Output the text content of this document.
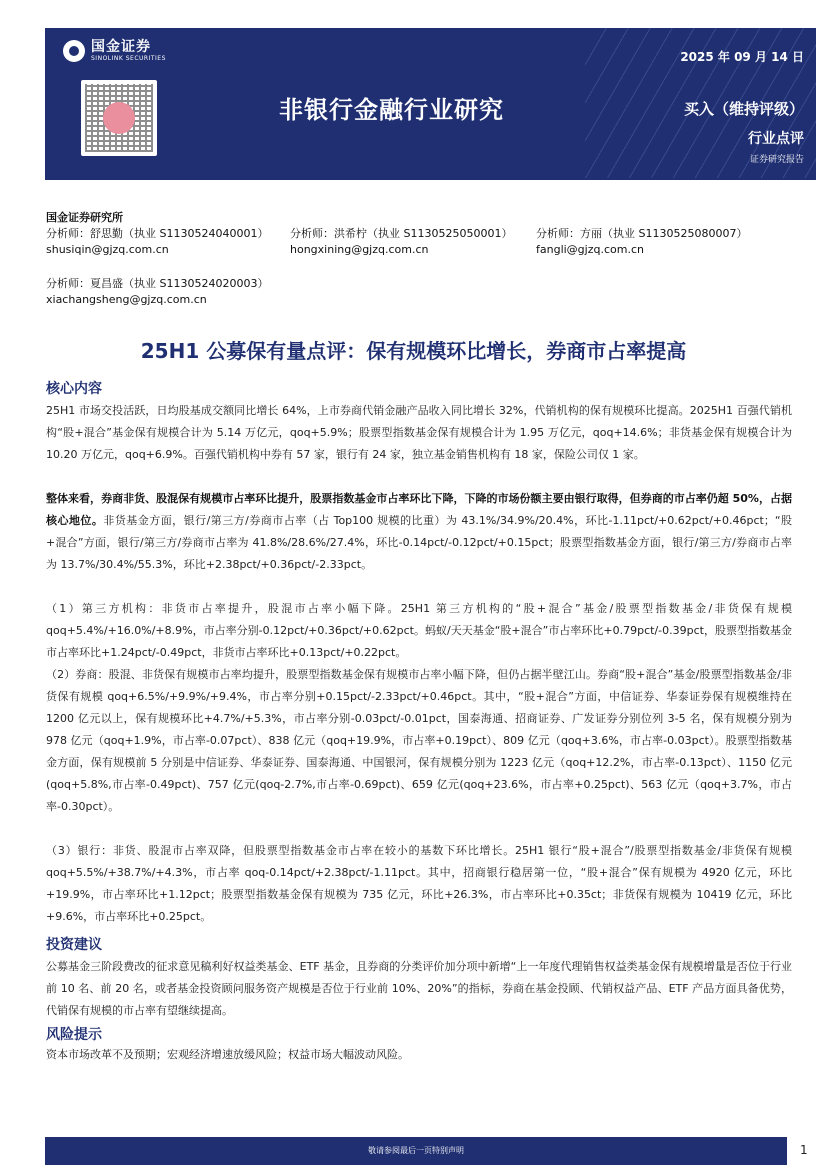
国金证券
SINOLINK SECURITIES	2025 年 09 月 14 日
非银行金融行业研究	买入（维持评级）
行业点评
证券研究报告
国金证券研究所
分析师：舒思勤（执业 S1130524040001）
shusiqin@gjzq.com.cn
分析师：洪希柠（执业 S1130525050001）
hongxining@gjzq.com.cn
分析师：方丽（执业 S1130525080007）
fangli@gjzq.com.cn
分析师：夏昌盛（执业 S1130524020003）
xiachangsheng@gjzq.com.cn
25H1 公募保有量点评：保有规模环比增长，券商市占率提高
核心内容
25H1 市场交投活跃，日均股基成交额同比增长 64%，上市券商代销金融产品收入同比增长 32%，代销机构的保有规模环比提高。2025H1 百强代销机构“股+混合”基金保有规模合计为 5.14 万亿元，qoq+5.9%；股票型指数基金保有规模合计为 1.95 万亿元，qoq+14.6%；非货基金保有规模合计为 10.20 万亿元，qoq+6.9%。百强代销机构中券有 57 家，银行有 24 家，独立基金销售机构有 18 家，保险公司仅 1 家。
整体来看，券商非货、股混保有规模市占率环比提升，股票指数基金市占率环比下降，下降的市场份额主要由银行取得，但券商的市占率仍超 50%，占据核心地位。非货基金方面，银行/第三方/券商市占率（占 Top100 规模的比重）为 43.1%/34.9%/20.4%，环比-1.11pct/+0.62pct/+0.46pct；“股+混合”方面，银行/第三方/券商市占率为 41.8%/28.6%/27.4%，环比-0.14pct/-0.12pct/+0.15pct；股票型指数基金方面，银行/第三方/券商市占率为 13.7%/30.4%/55.3%，环比+2.38pct/+0.36pct/-2.33pct。
（1）第三方机构：非货市占率提升，股混市占率小幅下降。25H1 第三方机构的“股+混合”基金/股票型指数基金/非货保有规模 qoq+5.4%/+16.0%/+8.9%，市占率分别-0.12pct/+0.36pct/+0.62pct。蚂蚁/天天基金“股+混合”市占率环比+0.79pct/-0.39pct，股票型指数基金市占率环比+1.24pct/-0.49pct，非货市占率环比+0.13pct/+0.22pct。
（2）券商：股混、非货保有规模市占率均提升，股票型指数基金保有规模市占率小幅下降，但仍占据半壁江山。券商“股+混合”基金/股票型指数基金/非货保有规模 qoq+6.5%/+9.9%/+9.4%，市占率分别+0.15pct/-2.33pct/+0.46pct。其中，“股+混合”方面，中信证券、华泰证券保有规模维持在 1200 亿元以上，保有规模环比+4.7%/+5.3%，市占率分别-0.03pct/-0.01pct，国泰海通、招商证券、广发证券分别位列 3-5 名，保有规模分别为 978 亿元（qoq+1.9%，市占率-0.07pct）、838 亿元（qoq+19.9%，市占率+0.19pct）、809 亿元（qoq+3.6%，市占率-0.03pct）。股票型指数基金方面，保有规模前 5 分别是中信证券、华泰证券、国泰海通、中国银河，保有规模分别为 1223 亿元（qoq+12.2%，市占率-0.13pct）、1150 亿元(qoq+5.8%,市占率-0.49pct)、757 亿元(qoq-2.7%,市占率-0.69pct)、659 亿元(qoq+23.6%，市占率+0.25pct)、563 亿元（qoq+3.7%，市占率-0.30pct）。
（3）银行：非货、股混市占率双降，但股票型指数基金市占率在较小的基数下环比增长。25H1 银行“股+混合”/股票型指数基金/非货保有规模 qoq+5.5%/+38.7%/+4.3%，市占率 qoq-0.14pct/+2.38pct/-1.11pct。其中，招商银行稳居第一位，“股+混合”保有规模为 4920 亿元，环比+19.9%，市占率环比+1.12pct；股票型指数基金保有规模为 735 亿元，环比+26.3%，市占率环比+0.35ct；非货保有规模为 10419 亿元，环比+9.6%，市占率环比+0.25pct。
投资建议
公募基金三阶段费改的征求意见稿利好权益类基金、ETF 基金，且券商的分类评价加分项中新增“上一年度代理销售权益类基金保有规模增量是否位于行业前 10 名、前 20 名，或者基金投资顾问服务资产规模是否位于行业前 10%、20%”的指标，券商在基金投顾、代销权益产品、ETF 产品方面具备优势，代销保有规模的市占率有望继续提高。
风险提示
资本市场改革不及预期；宏观经济增速放缓风险；权益市场大幅波动风险。
敬请参阅最后一页特别声明	1
